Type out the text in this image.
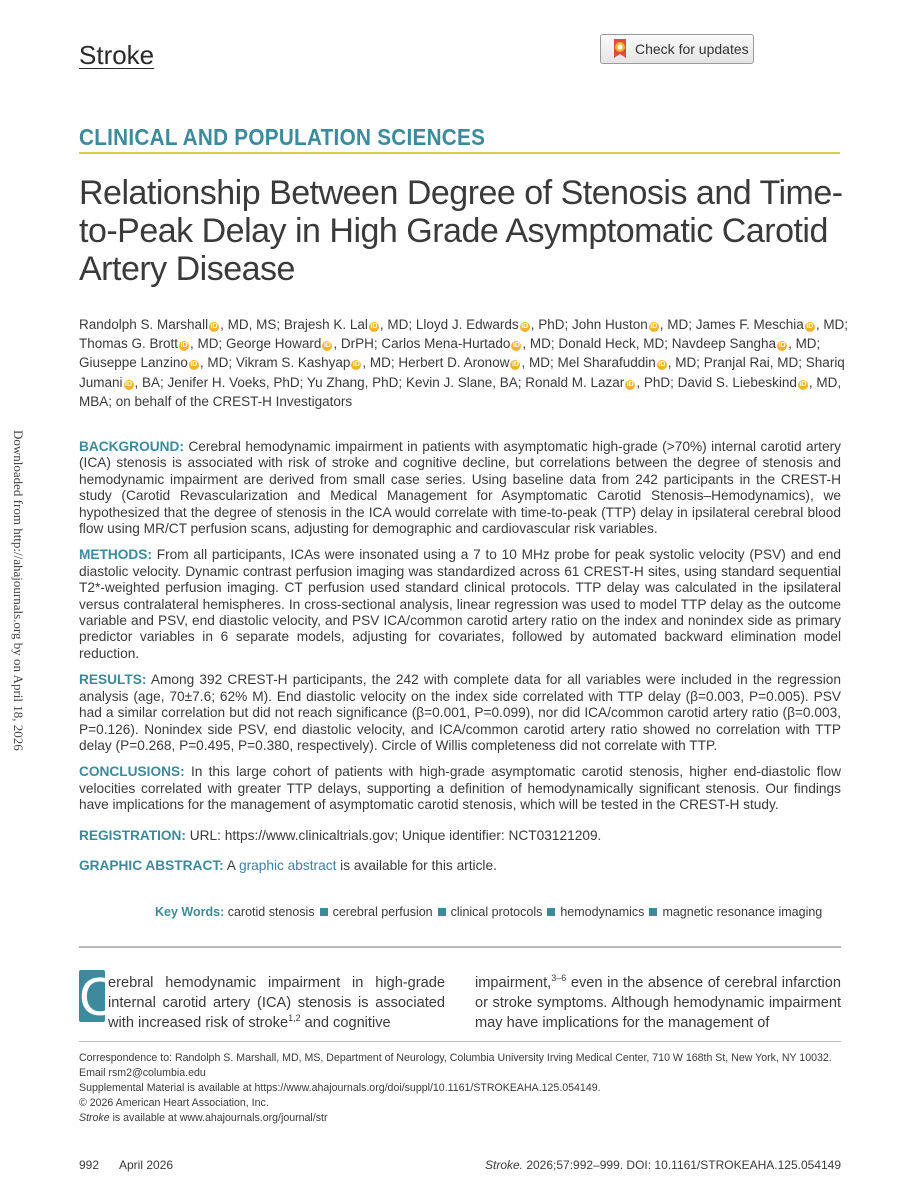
Stroke	Check for updates
CLINICAL AND POPULATION SCIENCES
Relationship Between Degree of Stenosis and Time-to-Peak Delay in High Grade Asymptomatic Carotid Artery Disease
Randolph S. Marshall iD , MD, MS; Brajesh K. Lal iD , MD; Lloyd J. Edwards iD , PhD; John Huston iD , MD; James F. Meschia iD , MD; Thomas G. Brott iD , MD; George Howard iD , DrPH; Carlos Mena-Hurtado iD , MD; Donald Heck, MD; Navdeep Sangha iD , MD; Giuseppe Lanzino iD , MD; Vikram S. Kashyap iD , MD; Herbert D. Aronow iD , MD; Mel Sharafuddin iD , MD; Pranjal Rai, MD; Shariq Jumani iD , BA; Jenifer H. Voeks, PhD; Yu Zhang, PhD; Kevin J. Slane, BA; Ronald M. Lazar iD , PhD; David S. Liebeskind iD , MD, MBA; on behalf of the CREST-H Investigators
Downloaded from http://ahajournals.org by on April 18, 2026	BACKGROUND: Cerebral hemodynamic impairment in patients with asymptomatic high-grade (>70%) internal carotid artery (ICA) stenosis is associated with risk of stroke and cognitive decline, but correlations between the degree of stenosis and hemodynamic impairment are derived from small case series. Using baseline data from 242 participants in the CREST-H study (Carotid Revascularization and Medical Management for Asymptomatic Carotid Stenosis–Hemodynamics), we hypothesized that the degree of stenosis in the ICA would correlate with time-to-peak (TTP) delay in ipsilateral cerebral blood flow using MR/CT perfusion scans, adjusting for demographic and cardiovascular risk variables.

METHODS: From all participants, ICAs were insonated using a 7 to 10 MHz probe for peak systolic velocity (PSV) and end diastolic velocity. Dynamic contrast perfusion imaging was standardized across 61 CREST-H sites, using standard sequential T2*-weighted perfusion imaging. CT perfusion used standard clinical protocols. TTP delay was calculated in the ipsilateral versus contralateral hemispheres. In cross-sectional analysis, linear regression was used to model TTP delay as the outcome variable and PSV, end diastolic velocity, and PSV ICA/common carotid artery ratio on the index and nonindex side as primary predictor variables in 6 separate models, adjusting for covariates, followed by automated backward elimination model reduction.

RESULTS: Among 392 CREST-H participants, the 242 with complete data for all variables were included in the regression analysis (age, 70±7.6; 62% M). End diastolic velocity on the index side correlated with TTP delay (β=0.003, P=0.005). PSV had a similar correlation but did not reach significance (β=0.001, P=0.099), nor did ICA/common carotid artery ratio (β=0.003, P=0.126). Nonindex side PSV, end diastolic velocity, and ICA/common carotid artery ratio showed no correlation with TTP delay (P=0.268, P=0.495, P=0.380, respectively). Circle of Willis completeness did not correlate with TTP.

CONCLUSIONS: In this large cohort of patients with high-grade asymptomatic carotid stenosis, higher end-diastolic flow velocities correlated with greater TTP delays, supporting a definition of hemodynamically significant stenosis. Our findings have implications for the management of asymptomatic carotid stenosis, which will be tested in the CREST-H study.

REGISTRATION: URL: https://www.clinicaltrials.gov; Unique identifier: NCT03121209.

GRAPHIC ABSTRACT: A graphic abstract is available for this article.

Key Words: carotid stenosis cerebral perfusion clinical protocols hemodynamics magnetic resonance imaging
C
erebral hemodynamic impairment in high-grade internal carotid artery (ICA) stenosis is associated with increased risk of stroke$^{1,2}$ and cognitive
impairment,$^{3-6}$ even in the absence of cerebral infarction or stroke symptoms. Although hemodynamic impairment may have implications for the management of
Correspondence to: Randolph S. Marshall, MD, MS, Department of Neurology, Columbia University Irving Medical Center, 710 W 168th St, New York, NY 10032. Email rsm2@columbia.edu
Supplemental Material is available at https://www.ahajournals.org/doi/suppl/10.1161/STROKEAHA.125.054149.
© 2026 American Heart Association, Inc.
Stroke is available at www.ahajournals.org/journal/str
992 April 2026	Stroke. 2026;57:992–999. DOI: 10.1161/STROKEAHA.125.054149
